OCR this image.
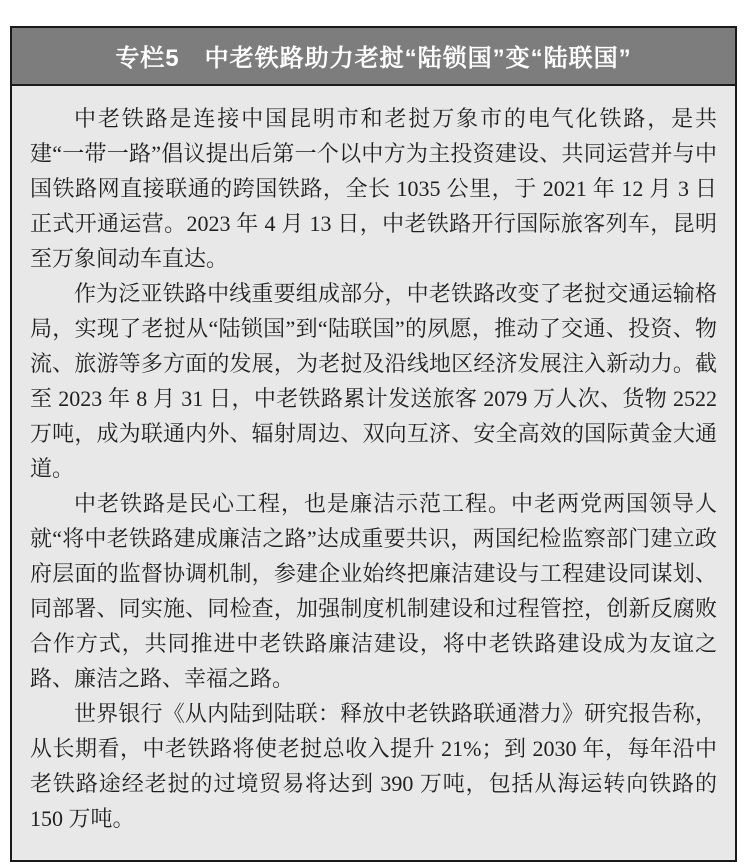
专栏5　中老铁路助力老挝“陆锁国”变“陆联国”

中老铁路是连接中国昆明市和老挝万象市的电气化铁路，是共建“一带一路”倡议提出后第一个以中方为主投资建设、共同运营并与中国铁路网直接联通的跨国铁路，全长 1035 公里，于 2021 年 12 月 3 日正式开通运营。2023 年 4 月 13 日，中老铁路开行国际旅客列车，昆明至万象间动车直达。

作为泛亚铁路中线重要组成部分，中老铁路改变了老挝交通运输格局，实现了老挝从“陆锁国”到“陆联国”的夙愿，推动了交通、投资、物流、旅游等多方面的发展，为老挝及沿线地区经济发展注入新动力。截至 2023 年 8 月 31 日，中老铁路累计发送旅客 2079 万人次、货物 2522 万吨，成为联通内外、辐射周边、双向互济、安全高效的国际黄金大通道。

中老铁路是民心工程，也是廉洁示范工程。中老两党两国领导人就“将中老铁路建成廉洁之路”达成重要共识，两国纪检监察部门建立政府层面的监督协调机制，参建企业始终把廉洁建设与工程建设同谋划、同部署、同实施、同检查，加强制度机制建设和过程管控，创新反腐败合作方式，共同推进中老铁路廉洁建设，将中老铁路建设成为友谊之路、廉洁之路、幸福之路。

世界银行《从内陆到陆联：释放中老铁路联通潜力》研究报告称，从长期看，中老铁路将使老挝总收入提升 21%；到 2030 年，每年沿中老铁路途经老挝的过境贸易将达到 390 万吨，包括从海运转向铁路的 150 万吨。
